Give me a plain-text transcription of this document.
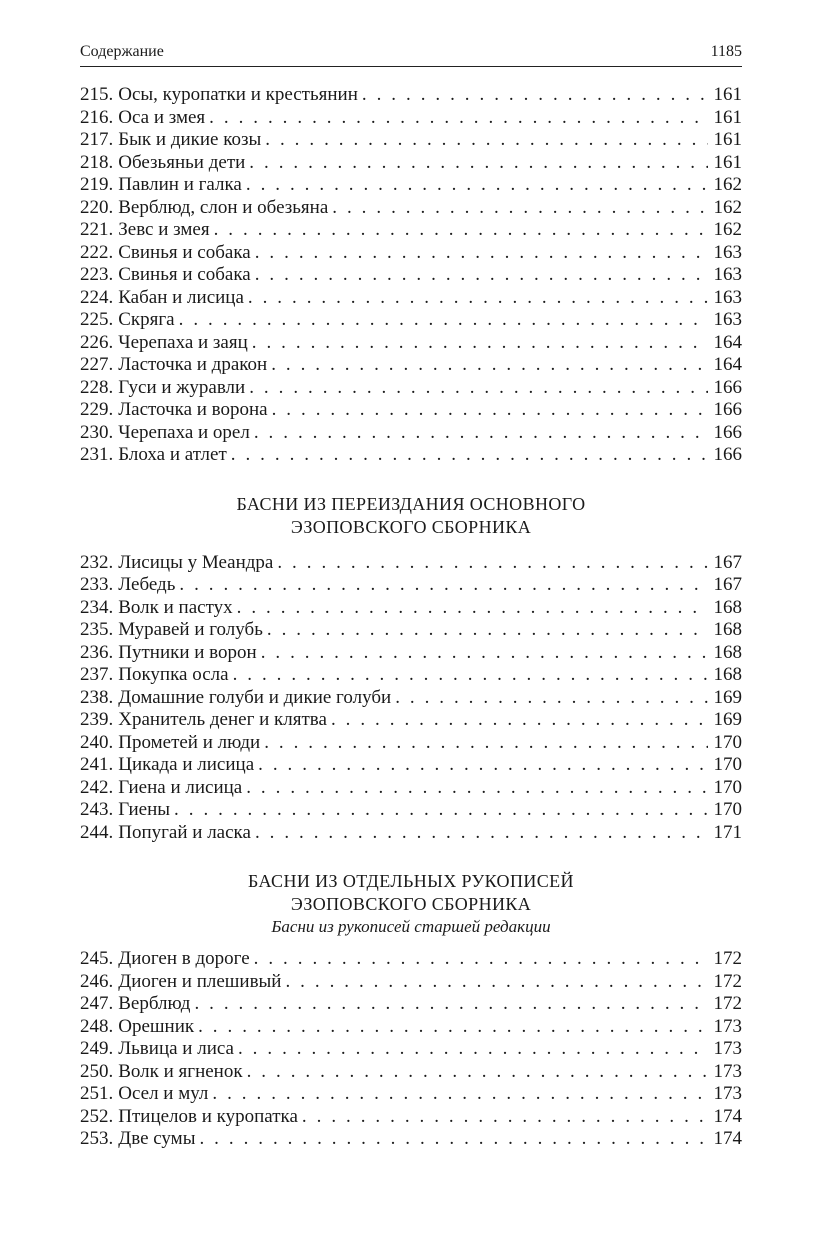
Содержание	1185
215. Осы, куропатки и крестьянин . . .	161
216. Оса и змея . . .	161
217. Бык и дикие козы . . .	161
218. Обезьяньи дети . . .	161
219. Павлин и галка . . .	162
220. Верблюд, слон и обезьяна . . .	162
221. Зевс и змея . . .	162
222. Свинья и собака . . .	163
223. Свинья и собака . . .	163
224. Кабан и лисица . . .	163
225. Скряга . . .	163
226. Черепаха и заяц . . .	164
227. Ласточка и дракон . . .	164
228. Гуси и журавли . . .	166
229. Ласточка и ворона . . .	166
230. Черепаха и орел . . .	166
231. Блоха и атлет . . .	166
БАСНИ ИЗ ПЕРЕИЗДАНИЯ ОСНОВНОГО
ЭЗОПОВСКОГО СБОРНИКА
232. Лисицы у Меандра . . .	167
233. Лебедь . . .	167
234. Волк и пастух . . .	168
235. Муравей и голубь . . .	168
236. Путники и ворон . . .	168
237. Покупка осла . . .	168
238. Домашние голуби и дикие голуби . . .	169
239. Хранитель денег и клятва . . .	169
240. Прометей и люди . . .	170
241. Цикада и лисица . . .	170
242. Гиена и лисица . . .	170
243. Гиены . . .	170
244. Попугай и ласка . . .	171
БАСНИ ИЗ ОТДЕЛЬНЫХ РУКОПИСЕЙ
ЭЗОПОВСКОГО СБОРНИКА
Басни из рукописей старшей редакции
245. Диоген в дороге . . .	172
246. Диоген и плешивый . . .	172
247. Верблюд . . .	172
248. Орешник . . .	173
249. Львица и лиса . . .	173
250. Волк и ягненок . . .	173
251. Осел и мул . . .	173
252. Птицелов и куропатка . . .	174
253. Две сумы . . .	174
